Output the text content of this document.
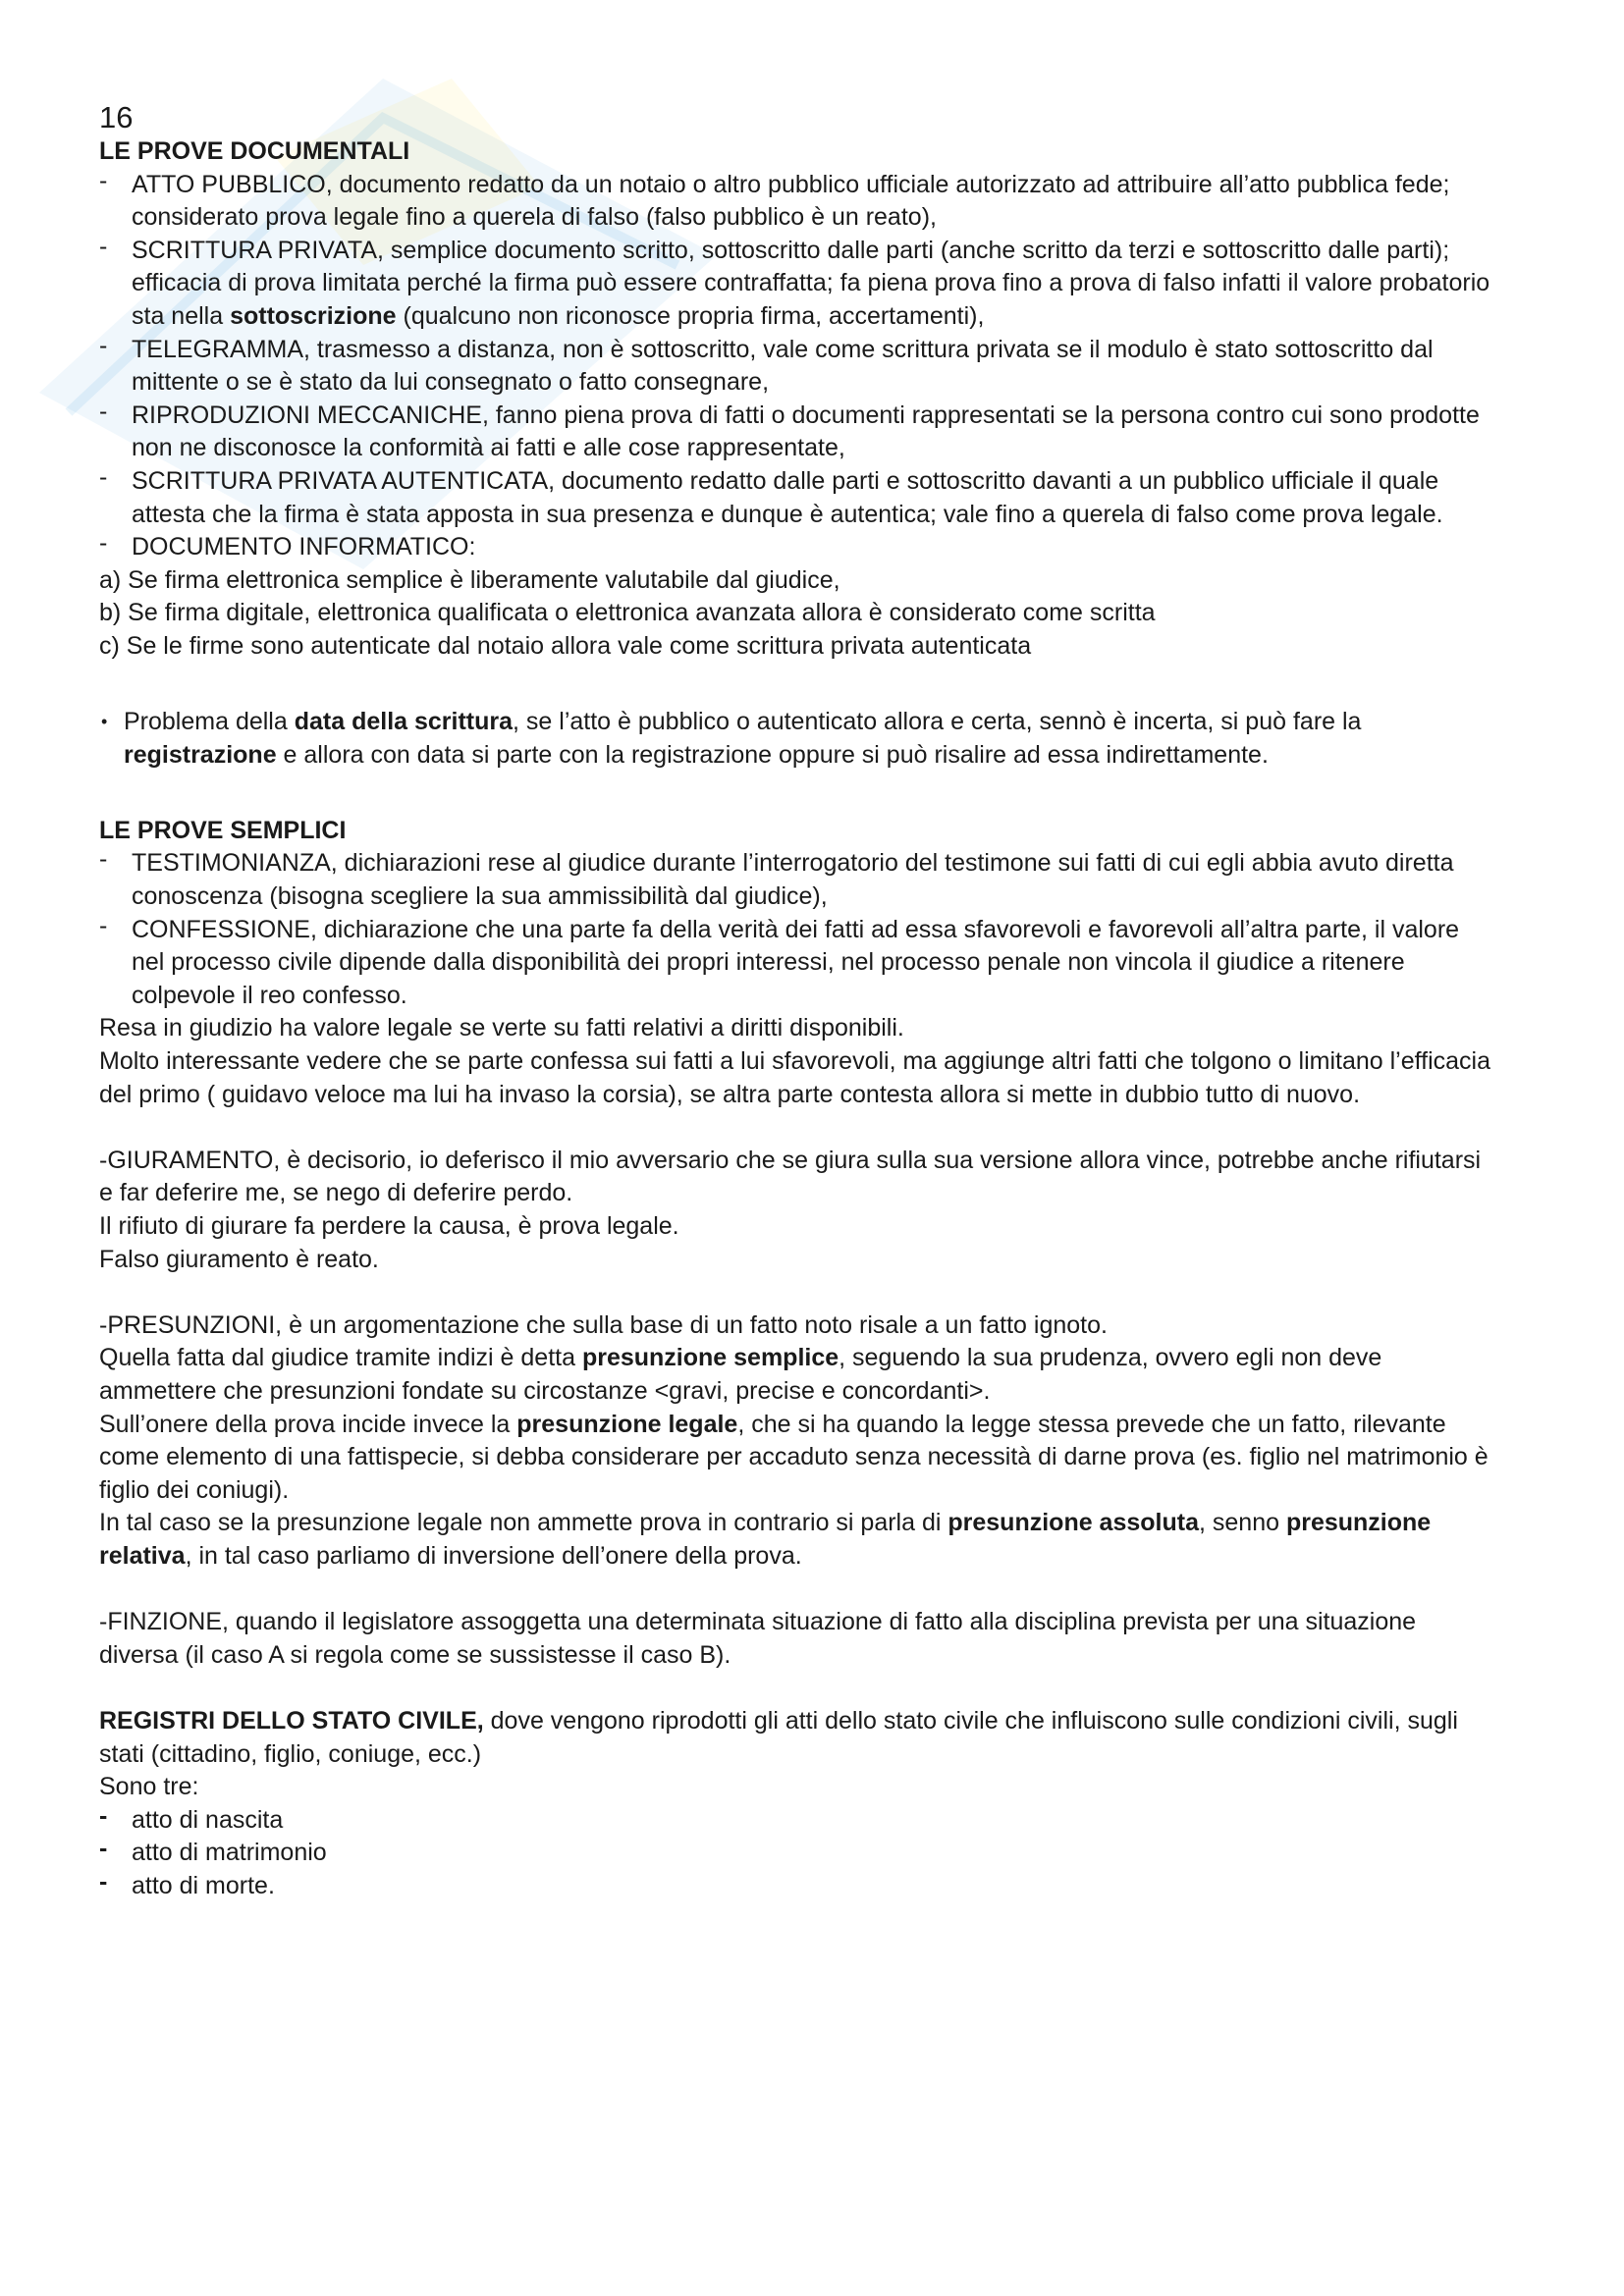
16
LE PROVE DOCUMENTALI
- ATTO PUBBLICO, documento redatto da un notaio o altro pubblico ufficiale autorizzato ad attribuire all’atto pubblica fede; considerato prova legale fino a querela di falso (falso pubblico è un reato),
- SCRITTURA PRIVATA, semplice documento scritto, sottoscritto dalle parti (anche scritto da terzi e sottoscritto dalle parti); efficacia di prova limitata perché la firma può essere contraffatta; fa piena prova fino a prova di falso infatti il valore probatorio sta nella sottoscrizione (qualcuno non riconosce propria firma, accertamenti),
- TELEGRAMMA, trasmesso a distanza, non è sottoscritto, vale come scrittura privata se il modulo è stato sottoscritto dal mittente o se è stato da lui consegnato o fatto consegnare,
- RIPRODUZIONI MECCANICHE, fanno piena prova di fatti o documenti rappresentati se la persona contro cui sono prodotte non ne disconosce la conformità ai fatti e alle cose rappresentate,
- SCRITTURA PRIVATA AUTENTICATA, documento redatto dalle parti e sottoscritto davanti a un pubblico ufficiale il quale attesta che la firma è stata apposta in sua presenza e dunque è autentica; vale fino a querela di falso come prova legale.
- DOCUMENTO INFORMATICO:
a) Se firma elettronica semplice è liberamente valutabile dal giudice,
b) Se firma digitale, elettronica qualificata o elettronica avanzata allora è considerato come scritta
c) Se le firme sono autenticate dal notaio allora vale come scrittura privata autenticata
• Problema della data della scrittura, se l’atto è pubblico o autenticato allora e certa, sennò è incerta, si può fare la registrazione e allora con data si parte con la registrazione oppure si può risalire ad essa indirettamente.
LE PROVE SEMPLICI
- TESTIMONIANZA, dichiarazioni rese al giudice durante l’interrogatorio del testimone sui fatti di cui egli abbia avuto diretta conoscenza (bisogna scegliere la sua ammissibilità dal giudice),
- CONFESSIONE, dichiarazione che una parte fa della verità dei fatti ad essa sfavorevoli e favorevoli all’altra parte, il valore nel processo civile dipende dalla disponibilità dei propri interessi, nel processo penale non vincola il giudice a ritenere colpevole il reo confesso.
Resa in giudizio ha valore legale se verte su fatti relativi a diritti disponibili.
Molto interessante vedere che se parte confessa sui fatti a lui sfavorevoli, ma aggiunge altri fatti che tolgono o limitano l’efficacia del primo ( guidavo veloce ma lui ha invaso la corsia), se altra parte contesta allora si mette in dubbio tutto di nuovo.
-GIURAMENTO, è decisorio, io deferisco il mio avversario che se giura sulla sua versione allora vince, potrebbe anche rifiutarsi e far deferire me, se nego di deferire perdo.
Il rifiuto di giurare fa perdere la causa, è prova legale.
Falso giuramento è reato.
-PRESUNZIONI, è un argomentazione che sulla base di un fatto noto risale a un fatto ignoto.
Quella fatta dal giudice tramite indizi è detta presunzione semplice, seguendo la sua prudenza, ovvero egli non deve ammettere che presunzioni fondate su circostanze <gravi, precise e concordanti>.
Sull’onere della prova incide invece la presunzione legale, che si ha quando la legge stessa prevede che un fatto, rilevante come elemento di una fattispecie, si debba considerare per accaduto senza necessità di darne prova (es. figlio nel matrimonio è figlio dei coniugi).
In tal caso se la presunzione legale non ammette prova in contrario si parla di presunzione assoluta, senno presunzione relativa, in tal caso parliamo di inversione dell’onere della prova.
-FINZIONE, quando il legislatore assoggetta una determinata situazione di fatto alla disciplina prevista per una situazione diversa (il caso A si regola come se sussistesse il caso B).
REGISTRI DELLO STATO CIVILE, dove vengono riprodotti gli atti dello stato civile che influiscono sulle condizioni civili, sugli stati (cittadino, figlio, coniuge, ecc.)
Sono tre:
- atto di nascita
- atto di matrimonio
- atto di morte.
